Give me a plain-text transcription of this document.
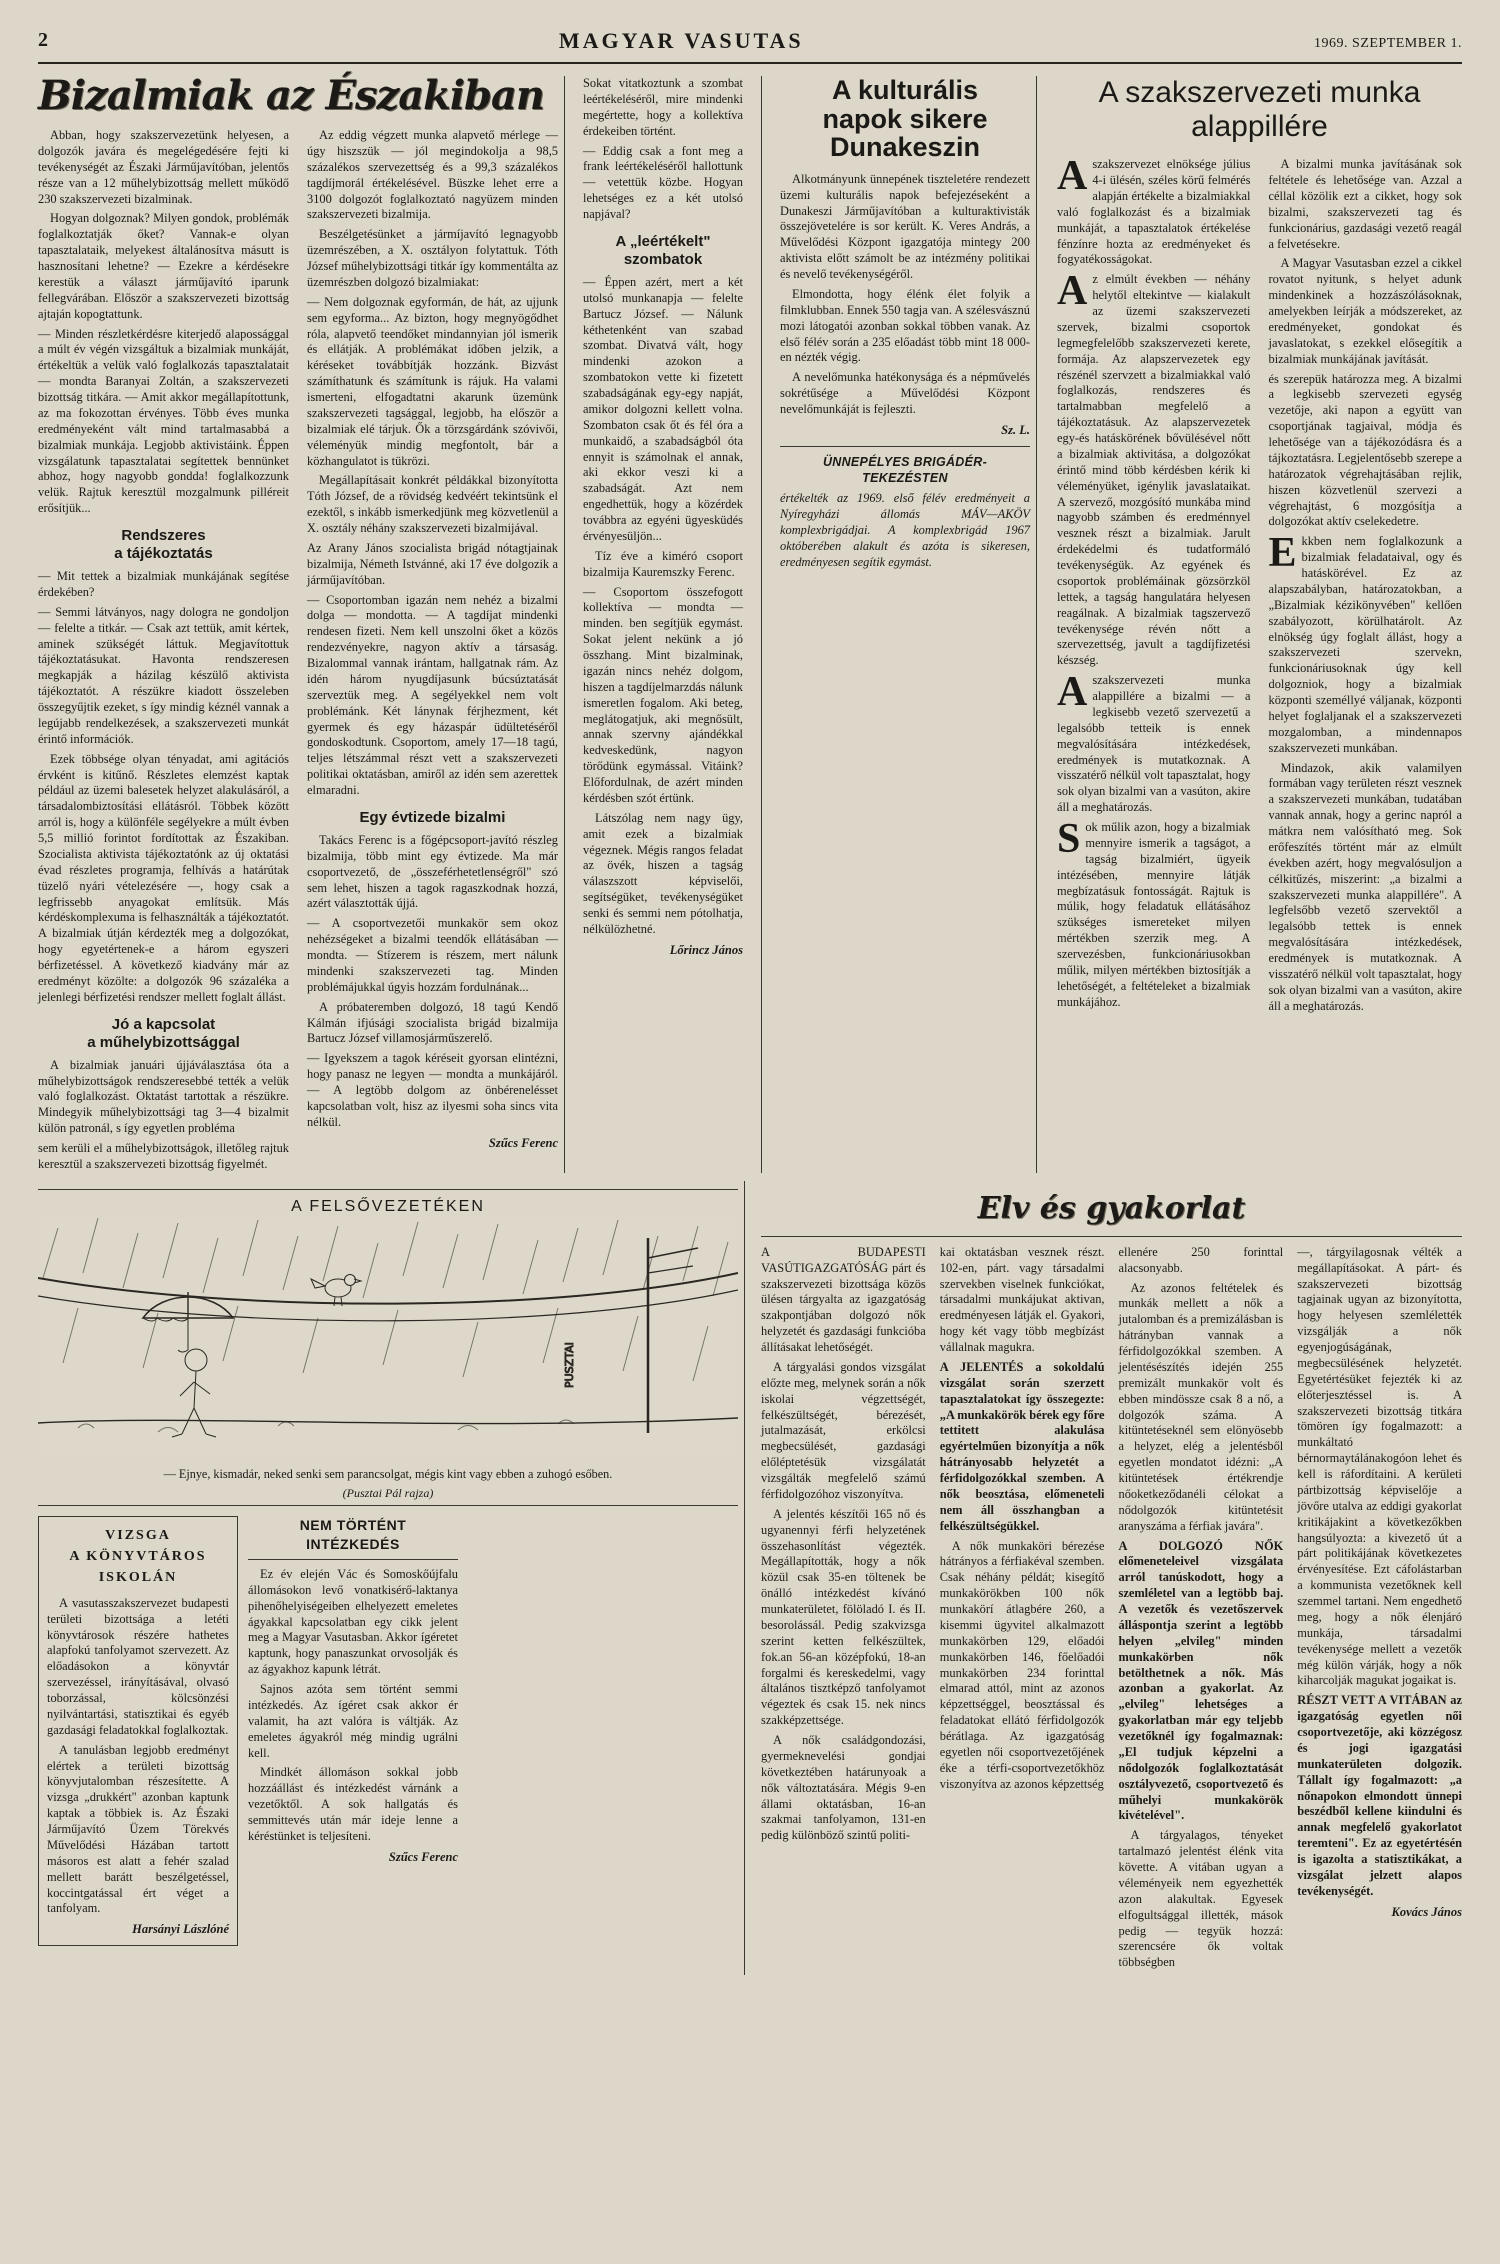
2	MAGYAR VASUTAS	1969. SZEPTEMBER 1.
Bizalmiak az Északiban

Abban, hogy szakszervezetünk helyesen, a dolgozók javára és megelégedésére fejti ki tevékenységét az Északi Járműjavítóban, jelentős része van a 12 műhelybizottság mellett működő 230 szakszervezeti bizalminak.

Hogyan dolgoznak? Milyen gondok, problémák foglalkoztatják őket? Vannak-e olyan tapasztalataik, melyekest általánosítva másutt is hasznosítani lehetne? — Ezekre a kérdésekre kerestük a választ járműjavító iparunk fellegvárában. Először a szakszervezeti bizottság ajtaján kopogtattunk.

— Minden részletkérdésre kiterjedő alapossággal a múlt év végén vizsgáltuk a bizalmiak munkáját, értékeltük a velük való foglalkozás tapasztalatait — mondta Baranyai Zoltán, a szakszervezeti bizottság titkára. — Amit akkor megállapítottunk, az ma fokozottan érvényes. Több éves munka eredményeként vált mind tartalmasabbá a bizalmiak munkája. Legjobb aktivistáink. Éppen vizsgálatunk tapasztalatai segítettek bennünket abhoz, hogy nagyobb gondda! foglalkozzunk velük. Rajtuk keresztül mozgalmunk pilléreit erősítjük...

Rendszeres
a tájékoztatás

— Mit tettek a bizalmiak munkájának segítése érdekében?

— Semmi látványos, nagy dologra ne gondoljon — felelte a titkár. — Csak azt tettük, amit kértek, aminek szükségét láttuk. Megjavítottuk tájékoztatásukat. Havonta rendszeresen megkapják a házilag készülő aktivista tájékoztatót. A részükre kiadott összeleben összegyűjtik ezeket, s így mindig kéznél vannak a legújabb rendelkezések, a szakszervezeti munkát érintő információk.

Ezek többsége olyan tényadat, ami agitációs érvként is kitűnő. Részletes elemzést kaptak például az üzemi balesetek helyzet alakulásáról, a társadalombiztosítási ellátásról. Többek között arról is, hogy a különféle segélyekre a múlt évben 5,5 millió forintot fordítottak az Északiban. Szocialista aktivista tájékoztatónk az új oktatási évad részletes programja, felhívás a határútak tüzelő nyári vételezésére —, hogy csak a legfrissebb anyagokat említsük. Más kérdéskomplexuma is felhasználták a tájékoztatót. A bizalmiak útján kérdezték meg a dolgozókat, hogy egyetértenek-e a három egyszeri bérfizetéssel. A következő kiadvány már az eredményt közölte: a dolgozók 96 százaléka a jelenlegi bérfizetési rendszer mellett foglalt állást.

Jó a kapcsolat
a műhelybizottsággal

A bizalmiak januári újjáválasztása óta a műhelybizottságok rendszeresebbé tették a velük való foglalkozást. Oktatást tartottak a részükre. Mindegyik műhelybizottsági tag 3—4 bizalmit külön patronál, s így egyetlen probléma

sem kerüli el a műhelybizottságok, illetőleg rajtuk keresztül a szakszervezeti bizottság figyelmét.

Az eddig végzett munka alapvető mérlege — úgy hiszszük — jól megindokolja a 98,5 százalékos szervezettség és a 99,3 százalékos tagdíjmorál értékelésével. Büszke lehet erre a 3100 dolgozót foglalkoztató nagyüzem minden szakszervezeti bizalmija.

Beszélgetésünket a jármíjavító legnagyobb üzemrészében, a X. osztályon folytattuk. Tóth József műhelybizottsági titkár így kommentálta az üzemrészben dolgozó bizalmiakat:

— Nem dolgoznak egyformán, de hát, az ujjunk sem egyforma... Az bizton, hogy megnyögődhet róla, alapvető teendőket mindannyian jól ismerik és ellátják. A problémákat időben jelzik, a kéréseket továbbítják hozzánk. Bizvást számíthatunk és számítunk is rájuk. Ha valami ismerteni, elfogadtatni akarunk üzemünk szakszervezeti tagsággal, legjobb, ha először a bizalmiak elé tárjuk. Ők a törzsgárdánk szóvivői, véleményük mindig megfontolt, bár a közhangulatot is tükrözi.

Megállapításait konkrét példákkal bizonyította Tóth József, de a rövidség kedvéért tekintsünk el ezektől, s inkább ismerkedjünk meg közvetlenül a X. osztály néhány szakszervezeti bizalmijával.

Az Arany János szocialista brigád nótagtjainak bizalmija, Németh Istvánné, aki 17 éve dolgozik a járműjavítóban.

— Csoportomban igazán nem nehéz a bizalmi dolga — mondotta. — A tagdíjat mindenki rendesen fizeti. Nem kell unszolni őket a közös rendezvényekre, nagyon aktív a társaság. Bizalommal vannak irántam, hallgatnak rám. Az idén három nyugdíjasunk búcsúztatását szerveztük meg. A segélyekkel nem volt problémánk. Két lánynak férjhezment, két gyermek és egy házaspár üdültetéséről gondoskodtunk. Csoportom, amely 17—18 tagú, teljes létszámmal részt vett a szakszervezeti politikai oktatásban, amiről az idén sem azerettek elmaradni.

Egy évtizede bizalmi

Takács Ferenc is a főgépcsoport-javító részleg bizalmija, több mint egy évtizede. Ma már csoportvezető, de „összeférhetetlenségről" szó sem lehet, hiszen a tagok ragaszkodnak hozzá, azért választották újjá.

— A csoportvezetői munkakör sem okoz nehézségeket a bizalmi teendők ellátásában — mondta. — Stízerem is részem, mert nálunk mindenki szakszervezeti tag. Minden problémájukkal úgyis hozzám fordulnának...

A próbateremben dolgozó, 18 tagú Kendő Kálmán ifjúsági szocialista brigád bizalmija Bartucz József villamosjárműszerelő.

— Igyekszem a tagok kéréseit gyorsan elintézni, hogy panasz ne legyen — mondta a munkájáról. — A legtöbb dolgom az önbérenelésset kapcsolatban volt, hisz az ilyesmi soha sincs vita nélkül.

Szűcs Ferenc

Sokat vitatkoztunk a szombat leértékeléséről, mire mindenki megértette, hogy a kollektíva érdekeiben történt.

— Eddig csak a font meg a frank leértékeléséről hallottunk — vetettük közbe. Hogyan lehetséges ez a két utolsó napjával?

A „leértékelt"
szombatok

— Éppen azért, mert a két utolsó munkanapja — felelte Bartucz József. — Nálunk kéthetenként van szabad szombat. Divatvá vált, hogy mindenki azokon a szombatokon vette ki fizetett szabadságának egy-egy napját, amikor dolgozni kellett volna. Szombaton csak őt és fél óra a munkaidő, a szabadságból óta ennyit is számolnak el annak, aki ekkor veszi ki a szabadságát. Azt nem engedhettük, hogy a közérdek továbbra az egyéni ügyesküdés érvényesüljön...

Tíz éve a kiméró csoport bizalmija Kauremszky Ferenc.

— Csoportom összefogott kollektíva — mondta — minden. ben segítjük egymást. Sokat jelent nekünk a jó összhang. Mint bizalminak, igazán nincs nehéz dolgom, hiszen a tagdíjelmarzdás nálunk ismeretlen fogalom. Aki beteg, meglátogatjuk, aki megnősült, annak szervny ajándékkal kedveskedünk, nagyon törődünk egymással. Vitáink? Előfordulnak, de azért minden kérdésben szót értünk.

Látszólag nem nagy ügy, amit ezek a bizalmiak végeznek. Mégis rangos feladat az övék, hiszen a tagság válaszszott képviselői, segítségüket, tevékenységüket senki és semmi nem pótolhatja, nélkülözhetné.

Lőrincz János
A kulturális
napok sikere
Dunakeszin

Alkotmányunk ünnepének tiszteletére rendezett üzemi kulturális napok befejezéseként a Dunakeszi Járműjavítóban a kulturaktivisták összejövetelére is sor került. K. Veres András, a Művelődési Központ igazgatója mintegy 200 aktivista előtt számolt be az intézmény politikai és nevelő tevékenységéről.

Elmondotta, hogy élénk élet folyik a filmklubban. Ennek 550 tagja van. A szélesvásznú mozi látogatói azonban sokkal többen vanak. Az első félév során a 235 előadást több mint 18 000-en nézték végig.

A nevelőmunka hatékonysága és a népművelés sokrétűsége a Művelődési Központ nevelőmunkáját is fejleszti.

Sz. L.
ÜNNEPÉLYES BRIGÁDÉR-
TEKEZÉSTEN

értékelték az 1969. első félév eredményeit a Nyíregyházi állomás MÁV—AKÖV komplexbrigádjai. A komplexbrigád 1967 októberében alakult és azóta is sikeresen, eredményesen segítik egymást.

A szakszervezeti munka
alappillére

Aszakszervezet elnöksége július 4-i ülésén, széles körű felmérés alapján értékelte a bizalmiakkal való foglalkozást és a bizalmiak munkáját, a tapasztalatok értékelése fénzínre hozta az eredményeket és fogyatékosságokat.

Az elmúlt években — néhány helytől eltekintve — kialakult az üzemi szakszervezeti szervek, bizalmi csoportok legmegfelelőbb szakszervezeti kerete, formája. Az alapszervezetek egy részénél szervzett a bizalmiakkal való foglalkozás, rendszeres és tartalmabban megfelelő a tájékoztatásuk. Az alapszervezetek egy-és hatáskörének bővülésével nőtt a bizalmiak aktivitása, a dolgozókat érintő mind több kérdésben kérik ki véleményüket, igénylik javaslataikat. A szervező, mozgósító munkába mind nagyobb számben és eredménnyel vesznek részt a bizalmiak. Jarult érdekédelmi és tudatformáló tevékenységük. Az egyének és csoportok problémáinak gözsörzköl lettek, a tagság hangulatára helyesen reagálnak. A bizalmiak tagszervező tevékenysége révén nőtt a szervezettség, javult a tagdíjfizetési készség.

Aszakszervezeti munka alappillére a bizalmi — a legkisebb vezető szervezetű a legalsóbb tetteik is ennek megvalósítására intézkedések, eredmények is mutatkoznak. A visszatérő nélkül volt tapasztalat, hogy sok olyan bizalmi van a vasúton, akire áll a meghatározás.

Sok műlik azon, hogy a bizalmiak mennyire ismerik a tagságot, a tagság bizalmiért, ügyeik intézésében, mennyire látják megbízatásuk fontosságát. Rajtuk is múlik, hogy feladatuk ellátásához szükséges ismereteket milyen mértékben szerzik meg. A szervezésben, funkcionáriusokban műlik, milyen mértékben biztosítják a lehetőségét, a feltételeket a bizalmiak munkájához.

A bizalmi munka javításának sok feltétele és lehetősége van. Azzal a céllal közölik ezt a cikket, hogy sok bizalmi, szakszervezeti tag és funkcionárius, gazdasági vezető reagál a felvetésekre.

A Magyar Vasutasban ezzel a cikkel rovatot nyitunk, s helyet adunk mindenkinek a hozzászólásoknak, amelyekben leírják a módszereket, az eredményeket, gondokat és javaslatokat, s ezekkel elősegítik a bizalmiak munkájának javítását.

és szerepük határozza meg. A bizalmi a legkisebb szervezeti egység vezetője, aki napon a együtt van csoportjának tagjaival, módja és lehetősége van a tájékozódásra és a tájkoztatásra. Legjelentősebb szerepe a határozatok végrehajtásában rejlik, hiszen közvetlenül szervezi a végrehajtást, 6 mozgósítja a dolgozókat aktív cselekedetre.

Ekkben nem foglalkozunk a bizalmiak feladataival, ogy és hatáskörével. Ez az alapszabályban, határozatokban, a „Bizalmiak kézikönyvében" kellően szabályozott, körülhatárolt. Az elnökség úgy foglalt állást, hogy a szakszervezeti szervekn, funkcionáriusoknak úgy kell dolgozniok, hogy a bizalmiak központi személlyé váljanak, központi helyet foglaljanak el a szakszervezeti mozgalomban, a mindennapos szakszervezeti munkában.

Mindazok, akik valamilyen formában vagy területen részt vesznek a szakszervezeti munkában, tudatában vannak annak, hogy a gerinc napról a mátkra nem valósítható meg. Sok erőfeszítés történt már az elmúlt években azért, hogy megvalósuljon a célkitűzés, miszerint: „a bizalmi a szakszervezeti munka alappillére". A legfelsőbb vezető szervektől a legalsóbb tettek is ennek megvalósítására intézkedések, eredmények is mutatkoznak. A visszatérő nélkül volt tapasztalat, hogy sok olyan bizalmi van a vasúton, akire áll a meghatározás.

A FELSŐVEZETÉKEN
PUSZTAI
— Ejnye, kismadár, neked senki sem parancsolgat, mégis kint vagy ebben a zuhogó esőben.
(Pusztai Pál rajza)
VIZSGA
A KÖNYVTÁROS
ISKOLÁN

A vasutasszakszervezet budapesti területi bizottsága a letéti könyvtárosok részére hathetes alapfokú tanfolyamot szervezett. Az előadásokon a könyvtár szervezéssel, irányításával, olvasó toborzással, kölcsönzési nyilvántartási, statisztikai és egyéb gazdasági feladatokkal foglalkoztak.

A tanulásban legjobb eredményt elértek a területi bizottság könyvjutalomban részesítette. A vizsga „drukkért" azonban kaptunk kaptak a többiek is. Az Északi Járműjavító Üzem Törekvés Művelődési Házában tartott másoros est alatt a fehér szalad mellett barátt beszélgetéssel, koccintgatással ért véget a tanfolyam.

Harsányi Lászlóné
NEM TÖRTÉNT
INTÉZKEDÉS

Ez év elején Vác és Somoskőújfalu állomásokon levő vonatkisérő-laktanya pihenőhelyiségeiben elhelyezett emeletes ágyakkal kapcsolatban egy cikk jelent meg a Magyar Vasutasban. Akkor ígéretet kaptunk, hogy panaszunkat orvosolják és az ágyakhoz kapunk létrát.

Sajnos azóta sem történt semmi intézkedés. Az ígéret csak akkor ér valamit, ha azt valóra is váltják. Az emeletes ágyakról még mindig ugrálni kell.

Mindkét állomáson sokkal jobb hozzáállást és intézkedést várnánk a vezetőktől. A sok hallgatás és semmittevés után már ideje lenne a kéréstünket is teljesíteni.

Szűcs Ferenc
Elv és gyakorlat

A BUDAPESTI VASÚTIGAZGATÓSÁG párt és szakszervezeti bizottsága közös ülésen tárgyalta az igazgatóság szakpontjában dolgozó nők helyzetét és gazdasági funkcióba állításakat lehetőségét.

A tárgyalási gondos vizsgálat előzte meg, melynek során a nők iskolai végzettségét, felkészültségét, bérezését, jutalmazását, erkölcsi megbecsülését, gazdasági előléptetésük vizsgálatát vizsgálták megfelelő számú férfidolgozóhoz viszonyítva.

A jelentés készítői 165 nő és ugyanennyi férfi helyzetének összehasonlítást végezték. Megállapították, hogy a nők közül csak 35-en töltenek be önálló intézkedést kívánó munkaterületet, fölöladó I. és II. besorolássál. Pedig szakvizsga szerint ketten felkészültek, fok.an 56-an középfokú, 18-an forgalmi és kereskedelmi, vagy általános tisztképző tanfolyamot végeztek és csak 15. nek nincs szakképzettsége.

A nők családgondozási, gyermeknevelési gondjai következtében határunyoak a nők változtatására. Mégis 9-en állami oktatásban, 16-an szakmai tanfolyamon, 131-en pedig különböző szintű politi-

kai oktatásban vesznek részt. 102-en, párt. vagy társadalmi szervekben viselnek funkciókat, társadalmi munkájukat aktivan, eredményesen látják el. Gyakori, hogy két vagy több megbízást vállalnak magukra.

A JELENTÉS a sokoldalú vizsgálat során szerzett tapasztalatokat így összegezte: „A munkakörök bérek egy főre tettitett alakulása egyértelműen bizonyítja a nők hátrányosabb helyzetét a férfidolgozókkal szemben. A nők beosztása, előmeneteli nem áll összhangban a felkészültségükkel.

A nők munkaköri bérezése hátrányos a férfiakéval szemben. Csak néhány példát; kisegítő munkakörökben 100 nők munkakörí átlagbére 260, a kisemmi ügyvitel alkalmazott munkakörben 129, előadói munkakörben 146, főelőadói munkakörben 234 forinttal elmarad attól, mint az azonos képzettséggel, beosztással és feladatokat ellátó férfidolgozók bérátlaga. Az igazgatóság egyetlen női csoportvezetőjének éke a térfi-csoportvezetőkhöz viszonyítva az azonos képzettség

ellenére 250 forinttal alacsonyabb.

Az azonos feltételek és munkák mellett a nők a jutalomban és a premizálásban is hátrányban vannak a férfidolgozókkal szemben. A jelentésészítés idején 255 premizált munkakör volt és ebben mindössze csak 8 a nő, a dolgozók száma. A kitüntetéseknél sem elönyösebb a helyzet, elég a jelentésből egyetlen mondatot idézni: „A kitüntetések értékrendje nőoketkeződanéli célokat a nődolgozók kitüntetésit aranyszáma a férfiak javára".

A DOLGOZÓ NŐK előmeneteleivel vizsgálata arról tanúskodott, hogy a szemléletel van a legtöbb baj. A vezetők és vezetőszervek álláspontja szerint a legtöbb helyen „elvileg" minden munkakörben nők betölthetnek a nők. Más azonban a gyakorlat. Az „elvileg" lehetséges a gyakorlatban már egy teljebb vezetőknél így fogalmaznak: „El tudjuk képzelni a nődolgozók foglalkoztatását osztályvezető, csoportvezető és műhelyi munkakörök kivételével".

A tárgyalagos, tényeket tartalmazó jelentést élénk vita követte. A vitában ugyan a véleményeik nem egyezhették azon alakultak. Egyesek elfogultsággal illették, mások pedig — tegyük hozzá: szerencsére ők voltak többségben

—, tárgyilagosnak vélték a megállapításokat. A párt- és szakszervezeti bizottság tagjainak ugyan az bizonyította, hogy helyesen szemlélették vizsgálják a nők egyenjogúságának, megbecsülésének helyzetét. Egyetértésüket fejezték ki az előterjesztéssel is. A szakszervezeti bizottság titkára tömören így fogalmazott: a munkáltató bérnormaytálánakogóon lehet és kell is ráfordítaini. A kerületi pártbizottság képviselője a jövőre utalva az eddigi gyakorlat kritikájakint a következőkben hangsúlyozta: a kivezető út a párt politikájának következetes érvényesítése. Ezt cáfolástarban a kommunista vezetőknek kell szemmel tartani. Nem engedhető meg, hogy a nők élenjáró munkája, társadalmi tevékenysége mellett a vezetők még külön várják, hogy a nők kiharcolják magukat jogaikat is.

RÉSZT VETT A VITÁBAN az igazgatóság egyetlen női csoportvezetője, aki közzégosz és jogi igazgatási munkaterületen dolgozik. Tállalt így fogalmazott: „a nőnapokon elmondott ünnepi beszédből kellene kiindulni és annak megfelelő gyakorlatot teremteni". Ez az egyetértésén is igazolta a statisztikákat, a vizsgálat jelzett alapos tevékenységét.

Kovács János
